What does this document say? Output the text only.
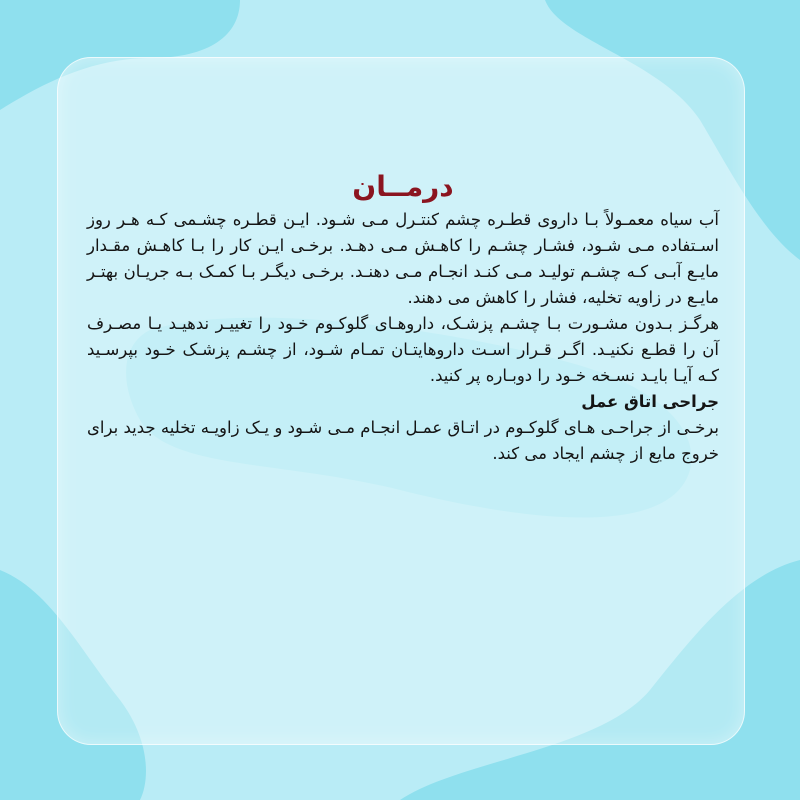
درمــان

آب سیاه معمـولاً بـا داروی قطـره چشم کنتـرل مـی شـود. ایـن قطـره چشـمی کـه هـر روز اسـتفاده مـی شـود، فشـار چشـم را کاهـش مـی دهـد. برخـی ایـن کار را بـا کاهـش مقـدار مایـع آبـی کـه چشـم تولیـد مـی کنـد انجـام مـی دهنـد. برخـی دیگـر بـا کمـک بـه جریـان بهتـر مایـع در زاویه تخلیه، فشار را کاهش می دهند.

هرگـز بـدون مشـورت بـا چشـم پزشـک، داروهـای گلوکـوم خـود را تغییـر ندهیـد یـا مصـرف آن را قطـع نکنیـد. اگـر قـرار اسـت داروهایتـان تمـام شـود، از چشـم پزشـک خـود بپرسـید کـه آیـا بایـد نسـخه خـود را دوبـاره پر کنید.

جراحی اتاق عمل

برخـی از جراحـی هـای گلوکـوم در اتـاق عمـل انجـام مـی شـود و یـک زاویـه تخلیه جدید برای خروج مایع از چشم ایجاد می کند.
